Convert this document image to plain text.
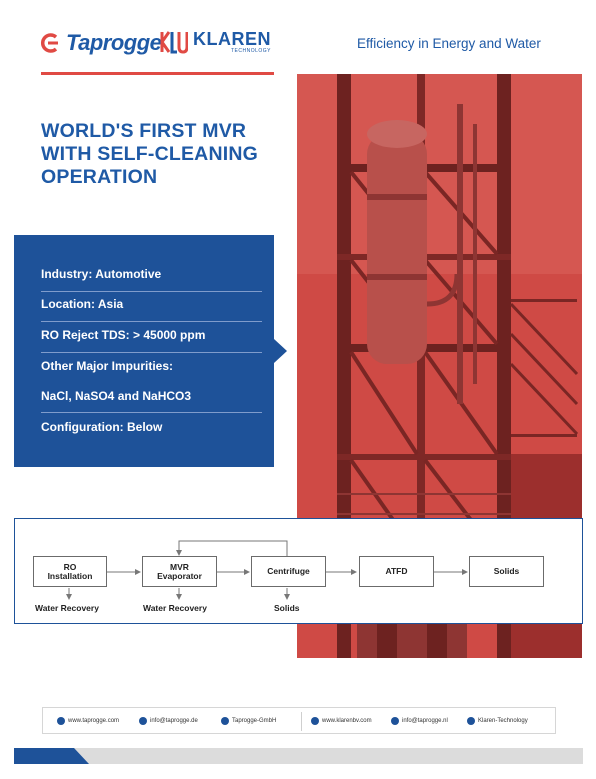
Taprogge KLAREN
TECHNOLOGY	Efficiency in Energy and Water
WORLD'S FIRST MVR
WITH SELF-CLEANING
OPERATION
Industry: Automotive
Location: Asia
RO Reject TDS: > 45000 ppm
Other Major Impurities:
NaCl, NaSO4 and NaHCO3
Configuration: Below
RO
Installation
MVR
Evaporator	Centrifuge	ATFD	Solids
Water Recovery	Water Recovery	Solids
www.taprogge.com	info@taprogge.de	Taprogge-GmbH	www.klarenbv.com	info@taprogge.nl	Klaren-Technology
